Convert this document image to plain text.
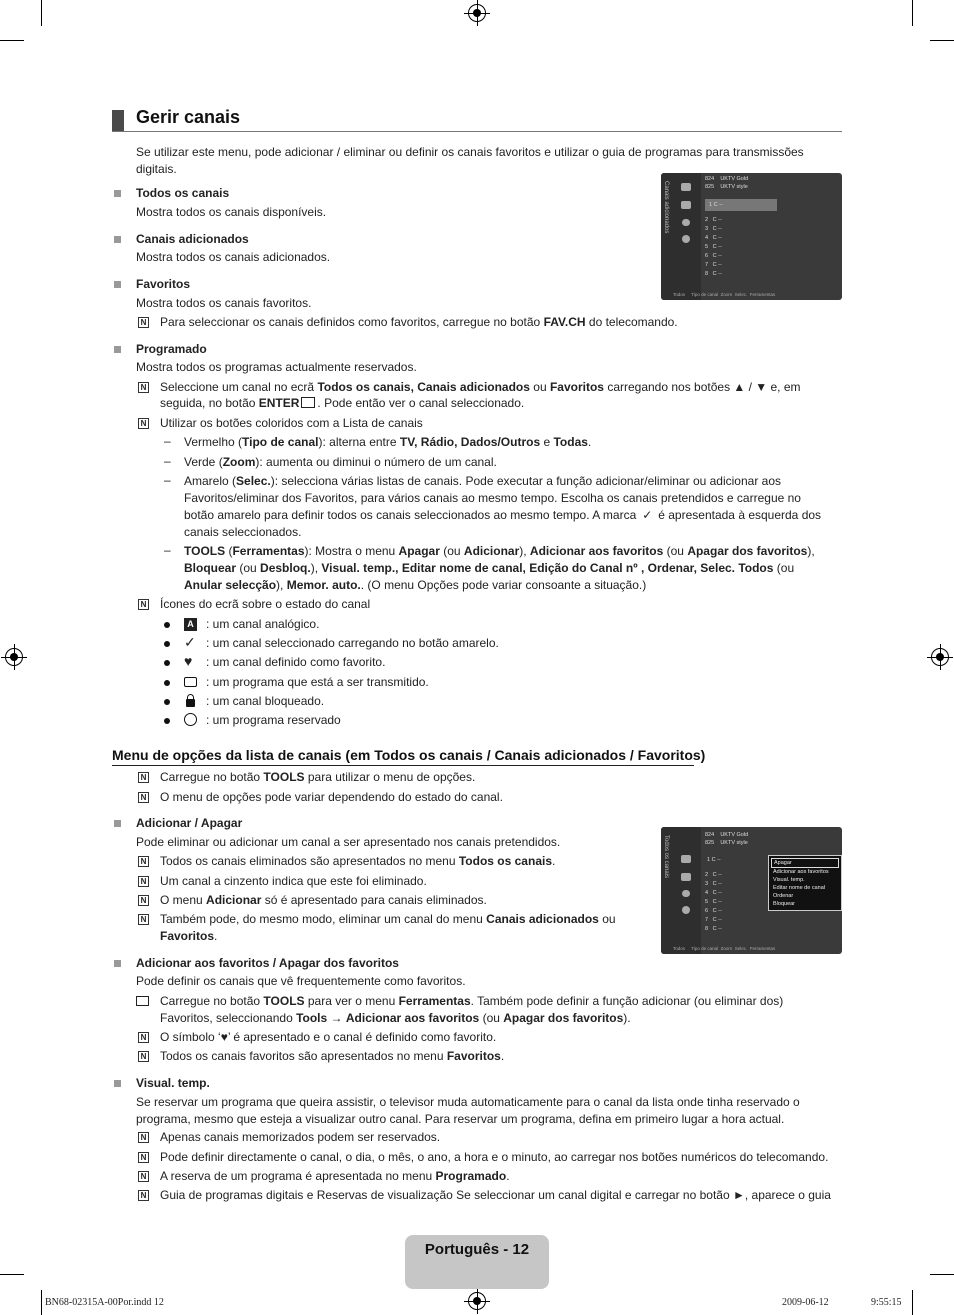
Gerir canais
Se utilizar este menu, pode adicionar / eliminar ou definir os canais favoritos e utilizar o guia de programas para transmissões digitais.
Todos os canais
Mostra todos os canais disponíveis.
Canais adicionados
Mostra todos os canais adicionados.
Favoritos
Mostra todos os canais favoritos.
N Para seleccionar os canais definidos como favoritos, carregue no botão FAV.CH do telecomando.
Canais adicionados
824 UKTV Gold
825 UKTV style
1 C --
2 C --
3 C --
4 C --
5 C --
6 C --
7 C --
8 C --
Todos Tipo de canal Zoom Selec. Ferramentas
Programado
Mostra todos os programas actualmente reservados.
N Seleccione um canal no ecrã Todos os canais, Canais adicionados ou Favoritos carregando nos botões ▲ / ▼ e, em
seguida, no botão ENTER . Pode então ver o canal seleccionado.
N Utilizar os botões coloridos com a Lista de canais
– Vermelho (Tipo de canal): alterna entre TV, Rádio, Dados/Outros e Todas.
– Verde (Zoom): aumenta ou diminui o número de um canal.
– Amarelo (Selec.): selecciona várias listas de canais. Pode executar a função adicionar/eliminar ou adicionar aos
Favoritos/eliminar dos Favoritos, para vários canais ao mesmo tempo. Escolha os canais pretendidos e carregue no
botão amarelo para definir todos os canais seleccionados ao mesmo tempo. A marca ✓ é apresentada à esquerda dos
canais seleccionados.
– TOOLS (Ferramentas): Mostra o menu Apagar (ou Adicionar), Adicionar aos favoritos (ou Apagar dos favoritos),
Bloquear (ou Desbloq.), Visual. temp., Editar nome de canal, Edição do Canal nº , Ordenar, Selec. Todos (ou
Anular selecção), Memor. auto.. (O menu Opções pode variar consoante a situação.)
N Ícones do ecrã sobre o estado do canal
A : um canal analógico.
✓ : um canal seleccionado carregando no botão amarelo.
♥	: um canal definido como favorito.
: um programa que está a ser transmitido.
: um canal bloqueado.
: um programa reservado
Menu de opções da lista de canais (em Todos os canais / Canais adicionados / Favoritos)
N Carregue no botão TOOLS para utilizar o menu de opções.
N O menu de opções pode variar dependendo do estado do canal.
Adicionar / Apagar
Pode eliminar ou adicionar um canal a ser apresentado nos canais pretendidos.
N Todos os canais eliminados são apresentados no menu Todos os canais.
N Um canal a cinzento indica que este foi eliminado.
N O menu Adicionar só é apresentado para canais eliminados.
N Também pode, do mesmo modo, eliminar um canal do menu Canais adicionados ou
Favoritos.
Todos os canais	824 UKTV Gold
825 UKTV style
1 C --
2 C --
3 C --
4 C --
5 C --
6 C --
7 C --
8 C --
Apagar
Adicionar aos favoritos
Visual. temp.
Editar nome de canal
Ordenar
Bloquear
Todos Tipo de canal Zoom Selec. Ferramentas
Adicionar aos favoritos / Apagar dos favoritos
Pode definir os canais que vê frequentemente como favoritos.
Carregue no botão TOOLS para ver o menu Ferramentas. Também pode definir a função adicionar (ou eliminar dos)
Favoritos, seleccionando Tools → Adicionar aos favoritos (ou Apagar dos favoritos).
N O símbolo ‘♥’ é apresentado e o canal é definido como favorito.
N Todos os canais favoritos são apresentados no menu Favoritos.
Visual. temp.
Se reservar um programa que queira assistir, o televisor muda automaticamente para o canal da lista onde tinha reservado o
programa, mesmo que esteja a visualizar outro canal. Para reservar um programa, defina em primeiro lugar a hora actual.
N Apenas canais memorizados podem ser reservados.
N Pode definir directamente o canal, o dia, o mês, o ano, a hora e o minuto, ao carregar nos botões numéricos do telecomando.
N A reserva de um programa é apresentada no menu Programado.
N Guia de programas digitais e Reservas de visualização Se seleccionar um canal digital e carregar no botão ►, aparece o guia
Português - 12
BN68-02315A-00Por.indd 12	2009-06-12	9:55:15
